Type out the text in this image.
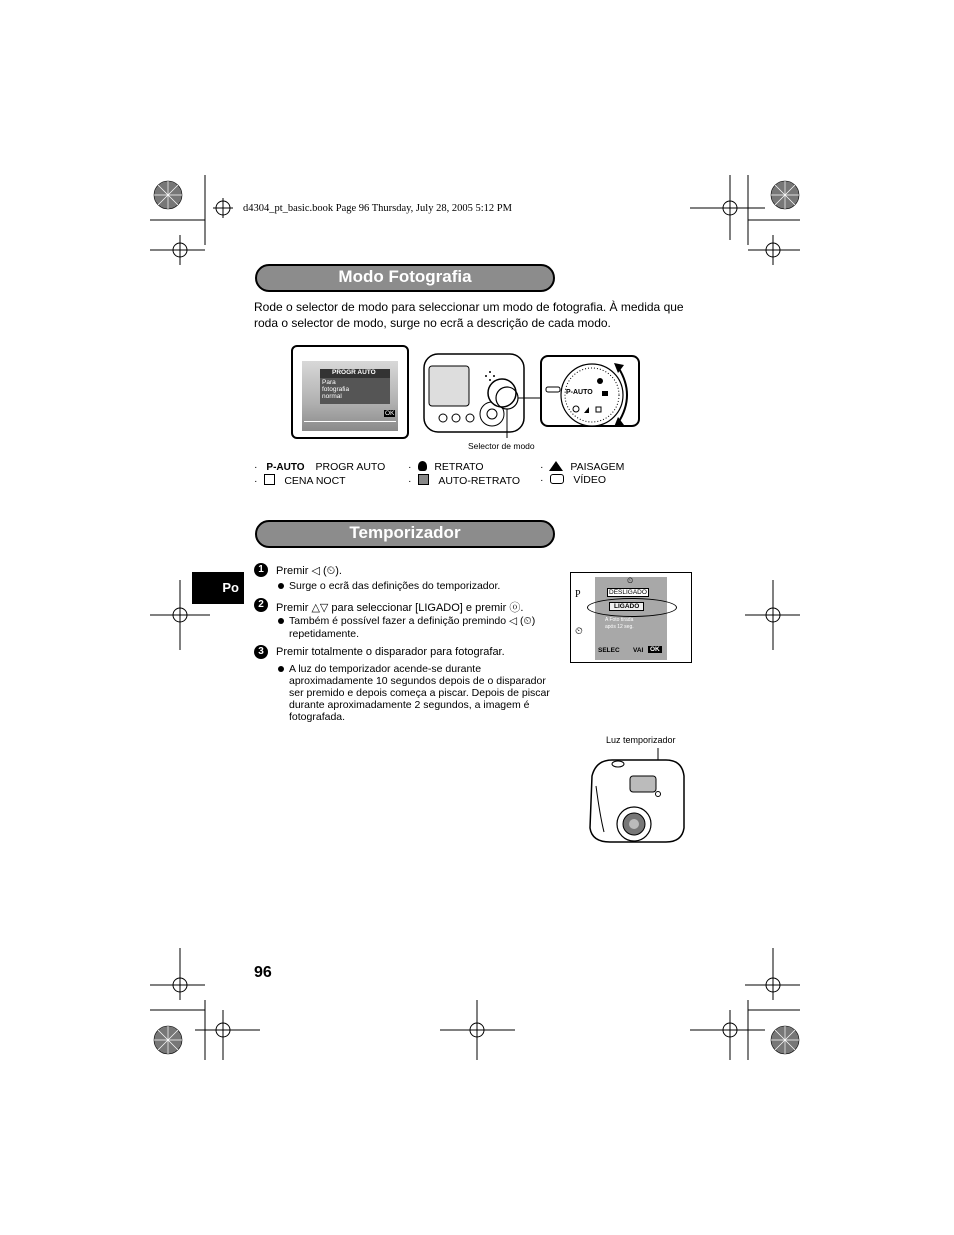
d4304_pt_basic.book Page 96 Thursday, July 28, 2005 5:12 PM
Modo Fotografia
Rode o selector de modo para seleccionar um modo de fotografia. À medida que
roda o selector de modo, surge no ecrã a descrição de cada modo.
PROGR AUTO
Para
fotografia
normal
OK
P-AUTO
Selector de modo
· P-AUTO PROGR AUTO · RETRATO	·	PAISAGEM
·	CENA NOCT	·	AUTO-RETRATO ·	VÍDEO
Temporizador
Po
1	Premir ◁ (⏲).
Surge o ecrã das definições do temporizador.
2	Premir △▽ para seleccionar [LIGADO] e premir ⓞ.
Também é possível fazer a definição premindo ◁ (⏲)
repetidamente.
3	Premir totalmente o disparador para fotografar.
A luz do temporizador acende-se durante
aproximadamente 10 segundos depois de o disparador
ser premido e depois começa a piscar. Depois de piscar
durante aproximadamente 2 segundos, a imagem é
fotografada.
P
⏲
⏲
DESLIGADO
LIGADO
A Foto tirada
após 12 seg.
SELEC VAI	OK
Luz temporizador
96
